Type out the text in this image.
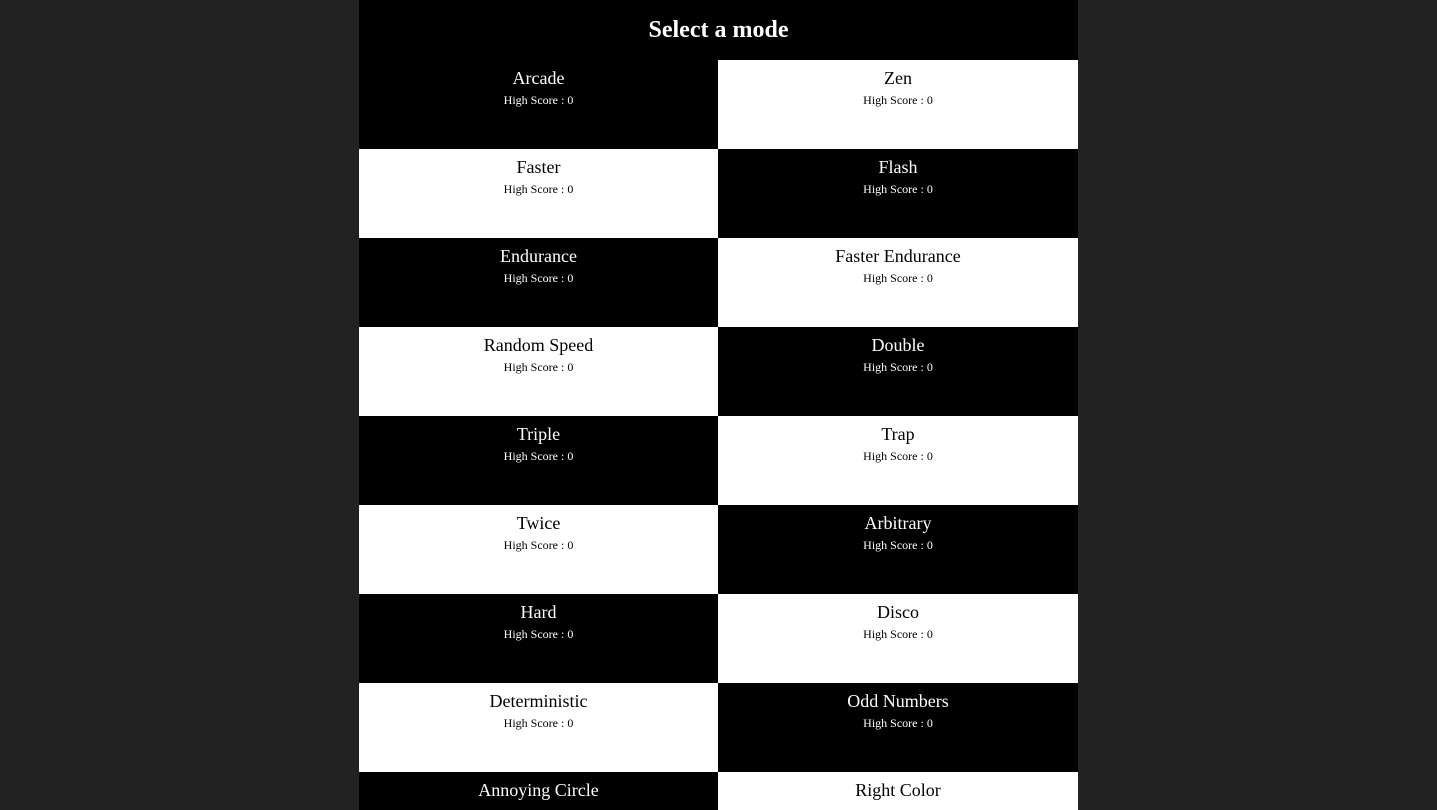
Select a mode
Arcade
High Score : 0
Zen
High Score : 0
Faster
High Score : 0
Flash
High Score : 0
Endurance
High Score : 0
Faster Endurance
High Score : 0
Random Speed
High Score : 0
Double
High Score : 0
Triple
High Score : 0
Trap
High Score : 0
Twice
High Score : 0
Arbitrary
High Score : 0
Hard
High Score : 0
Disco
High Score : 0
Deterministic
High Score : 0
Odd Numbers
High Score : 0
Annoying Circle	Right Color
